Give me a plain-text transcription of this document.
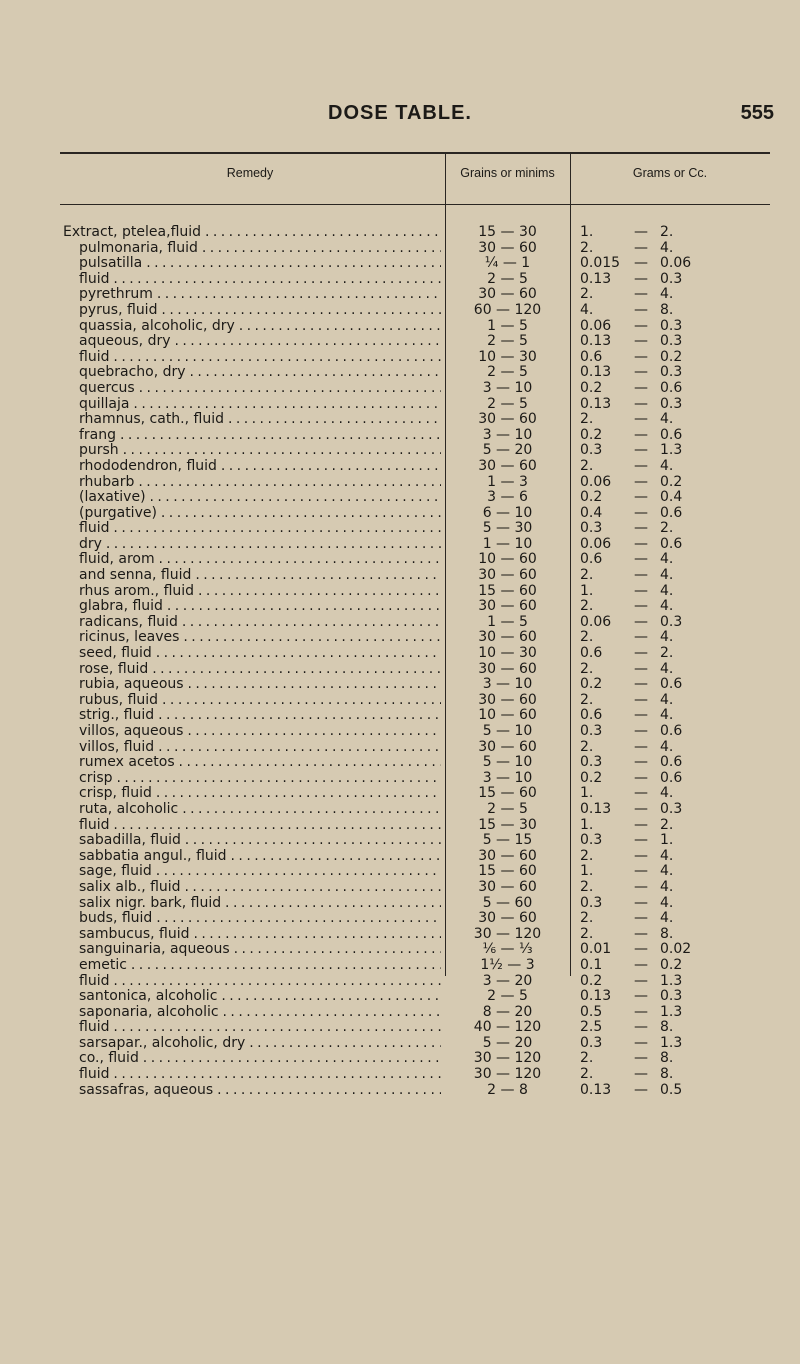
DOSE TABLE.	555
Remedy	Grains or minims	Grams or Cc.
Extract, ptelea,fluid . . .	15 — 30	1.	— 2.
pulmonaria, fluid . . .	30 — 60	2.	— 4.
pulsatilla . . .	¼ — 1	0.015 — 0.06
fluid . . .	2 — 5	0.13 — 0.3
pyrethrum . . .	30 — 60	2.	— 4.
pyrus, fluid . . .	60 — 120	4.	— 8.
quassia, alcoholic, dry . . .	1 — 5	0.06 — 0.3
aqueous, dry . . .	2 — 5	0.13 — 0.3
fluid . . .	10 — 30	0.6 — 0.2
quebracho, dry . . .	2 — 5	0.13 — 0.3
quercus . . .	3 — 10	0.2 — 0.6
quillaja . . .	2 — 5	0.13 — 0.3
rhamnus, cath., fluid . . .	30 — 60	2.	— 4.
frang . . .	3 — 10	0.2 — 0.6
pursh . . .	5 — 20	0.3 — 1.3
rhododendron, fluid . . .	30 — 60	2.	— 4.
rhubarb . . .	1 — 3	0.06 — 0.2
(laxative) . . .	3 — 6	0.2 — 0.4
(purgative) . . .	6 — 10	0.4 — 0.6
fluid . . .	5 — 30	0.3 — 2.
dry . . .	1 — 10	0.06 — 0.6
fluid, arom . . .	10 — 60	0.6 — 4.
and senna, fluid . . .	30 — 60	2.	— 4.
rhus arom., fluid . . .	15 — 60	1.	— 4.
glabra, fluid . . .	30 — 60	2.	— 4.
radicans, fluid . . .	1 — 5	0.06 — 0.3
ricinus, leaves . . .	30 — 60	2.	— 4.
seed, fluid . . .	10 — 30	0.6 — 2.
rose, fluid . . .	30 — 60	2.	— 4.
rubia, aqueous . . .	3 — 10	0.2 — 0.6
rubus, fluid . . .	30 — 60	2.	— 4.
strig., fluid . . .	10 — 60	0.6 — 4.
villos, aqueous . . .	5 — 10	0.3 — 0.6
villos, fluid . . .	30 — 60	2.	— 4.
rumex acetos . . .	5 — 10	0.3 — 0.6
crisp . . .	3 — 10	0.2 — 0.6
crisp, fluid . . .	15 — 60	1.	— 4.
ruta, alcoholic . . .	2 — 5	0.13 — 0.3
fluid . . .	15 — 30	1.	— 2.
sabadilla, fluid . . .	5 — 15	0.3 — 1.
sabbatia angul., fluid . . .	30 — 60	2.	— 4.
sage, fluid . . .	15 — 60	1.	— 4.
salix alb., fluid . . .	30 — 60	2.	— 4.
salix nigr. bark, fluid . . .	5 — 60	0.3 — 4.
buds, fluid . . .	30 — 60	2.	— 4.
sambucus, fluid . . .	30 — 120	2.	— 8.
sanguinaria, aqueous . . .	⅙ — ⅓	0.01 — 0.02
emetic . . .	1½ — 3	0.1 — 0.2
fluid . . .	3 — 20	0.2 — 1.3
santonica, alcoholic . . .	2 — 5	0.13 — 0.3
saponaria, alcoholic . . .	8 — 20	0.5 — 1.3
fluid . . .	40 — 120	2.5 — 8.
sarsapar., alcoholic, dry . . .	5 — 20	0.3 — 1.3
co., fluid . . .	30 — 120	2.	— 8.
fluid . . .	30 — 120	2.	— 8.
sassafras, aqueous . . .	2 — 8	0.13 — 0.5
